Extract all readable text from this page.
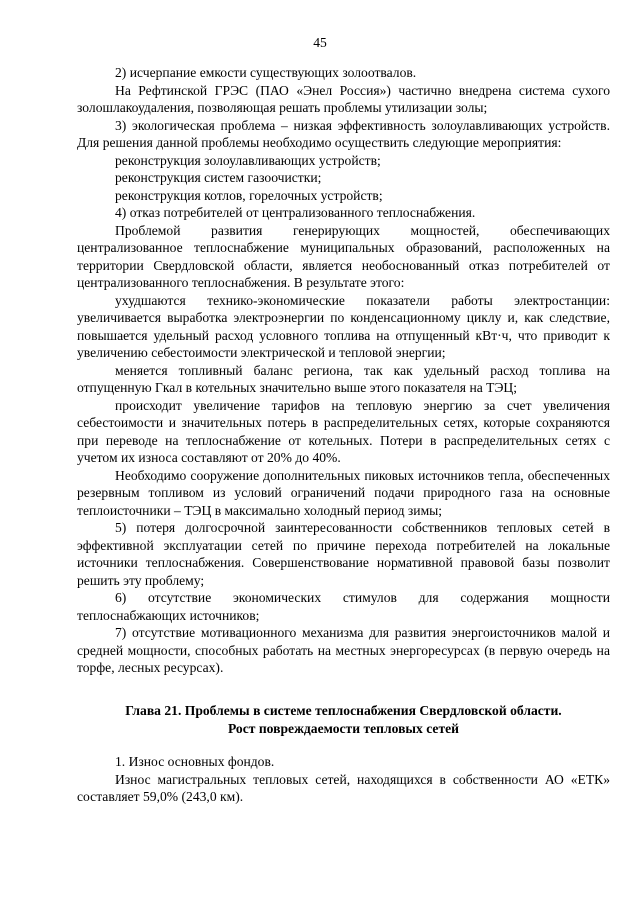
45

2) исчерпание емкости существующих золоотвалов.

На Рефтинской ГРЭС (ПАО «Энел Россия») частично внедрена система сухого золошлакоудаления, позволяющая решать проблемы утилизации золы;

3) экологическая проблема – низкая эффективность золоулавливающих устройств. Для решения данной проблемы необходимо осуществить следующие мероприятия:

реконструкция золоулавливающих устройств;

реконструкция систем газоочистки;

реконструкция котлов, горелочных устройств;

4) отказ потребителей от централизованного теплоснабжения.

Проблемой развития генерирующих мощностей, обеспечивающих централизованное теплоснабжение муниципальных образований, расположенных на территории Свердловской области, является необоснованный отказ потребителей от централизованного теплоснабжения. В результате этого:

ухудшаются технико-экономические показатели работы электростанции: увеличивается выработка электроэнергии по конденсационному циклу и, как следствие, повышается удельный расход условного топлива на отпущенный кВт·ч, что приводит к увеличению себестоимости электрической и тепловой энергии;

меняется топливный баланс региона, так как удельный расход топлива на отпущенную Гкал в котельных значительно выше этого показателя на ТЭЦ;

происходит увеличение тарифов на тепловую энергию за счет увеличения себестоимости и значительных потерь в распределительных сетях, которые сохраняются при переводе на теплоснабжение от котельных. Потери в распределительных сетях с учетом их износа составляют от 20% до 40%.

Необходимо сооружение дополнительных пиковых источников тепла, обеспеченных резервным топливом из условий ограничений подачи природного газа на основные теплоисточники – ТЭЦ в максимально холодный период зимы;

5) потеря долгосрочной заинтересованности собственников тепловых сетей в эффективной эксплуатации сетей по причине перехода потребителей на локальные источники теплоснабжения. Совершенствование нормативной правовой базы позволит решить эту проблему;

6) отсутствие экономических стимулов для содержания мощности теплоснабжающих источников;

7) отсутствие мотивационного механизма для развития энергоисточников малой и средней мощности, способных работать на местных энергоресурсах (в первую очередь на торфе, лесных ресурсах).

Глава 21. Проблемы в системе теплоснабжения Свердловской области.
Рост повреждаемости тепловых сетей

1. Износ основных фондов.

Износ магистральных тепловых сетей, находящихся в собственности АО «ЕТК» составляет 59,0% (243,0 км).
